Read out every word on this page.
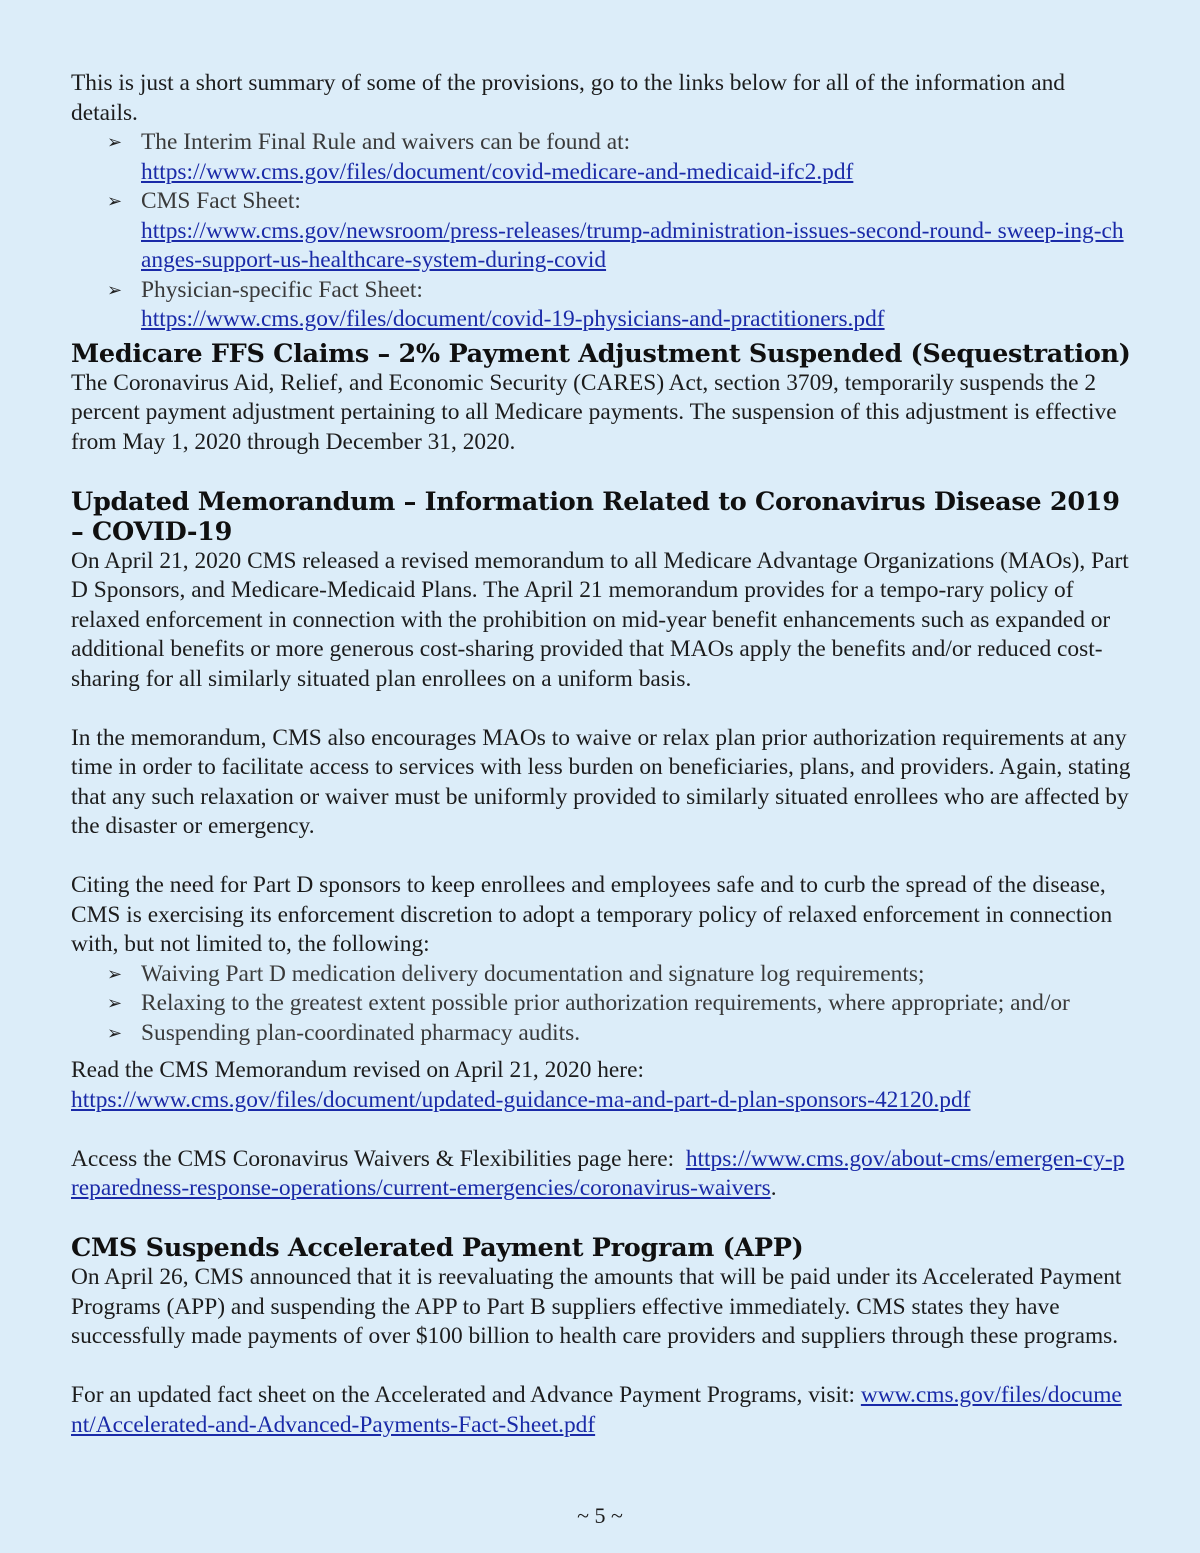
This is just a short summary of some of the provisions, go to the links below for all of the information and details.

➢ The Interim Final Rule and waivers can be found at:
https://www.cms.gov/files/document/covid-medicare-and-medicaid-ifc2.pdf
➢ CMS Fact Sheet:
https://www.cms.gov/newsroom/press-releases/trump-administration-issues-second-round- sweep-ing-changes-support-us-healthcare-system-during-covid
➢ Physician-specific Fact Sheet:
https://www.cms.gov/files/document/covid-19-physicians-and-practitioners.pdf
Medicare FFS Claims – 2% Payment Adjustment Suspended (Sequestration)

The Coronavirus Aid, Relief, and Economic Security (CARES) Act, section 3709, temporarily suspends the 2 percent payment adjustment pertaining to all Medicare payments. The suspension of this adjustment is effective from May 1, 2020 through December 31, 2020.

Updated Memorandum – Information Related to Coronavirus Disease 2019 – COVID-19

On April 21, 2020 CMS released a revised memorandum to all Medicare Advantage Organizations (MAOs), Part D Sponsors, and Medicare-Medicaid Plans. The April 21 memorandum provides for a tempo-rary policy of relaxed enforcement in connection with the prohibition on mid-year benefit enhancements such as expanded or additional benefits or more generous cost-sharing provided that MAOs apply the benefits and/or reduced cost-sharing for all similarly situated plan enrollees on a uniform basis.

In the memorandum, CMS also encourages MAOs to waive or relax plan prior authorization requirements at any time in order to facilitate access to services with less burden on beneficiaries, plans, and providers. Again, stating that any such relaxation or waiver must be uniformly provided to similarly situated enrollees who are affected by the disaster or emergency.

Citing the need for Part D sponsors to keep enrollees and employees safe and to curb the spread of the disease, CMS is exercising its enforcement discretion to adopt a temporary policy of relaxed enforcement in connection with, but not limited to, the following:

➢ Waiving Part D medication delivery documentation and signature log requirements;
➢ Relaxing to the greatest extent possible prior authorization requirements, where appropriate; and/or
➢ Suspending plan-coordinated pharmacy audits.

Read the CMS Memorandum revised on April 21, 2020 here:

https://www.cms.gov/files/document/updated-guidance-ma-and-part-d-plan-sponsors-42120.pdf

Access the CMS Coronavirus Waivers & Flexibilities page here: https://www.cms.gov/about-cms/emergen-cy-preparedness-response-operations/current-emergencies/coronavirus-waivers.

CMS Suspends Accelerated Payment Program (APP)

On April 26, CMS announced that it is reevaluating the amounts that will be paid under its Accelerated Payment Programs (APP) and suspending the APP to Part B suppliers effective immediately. CMS states they have successfully made payments of over $100 billion to health care providers and suppliers through these programs.

For an updated fact sheet on the Accelerated and Advance Payment Programs, visit: www.cms.gov/files/document/Accelerated-and-Advanced-Payments-Fact-Sheet.pdf

~ 5 ~
